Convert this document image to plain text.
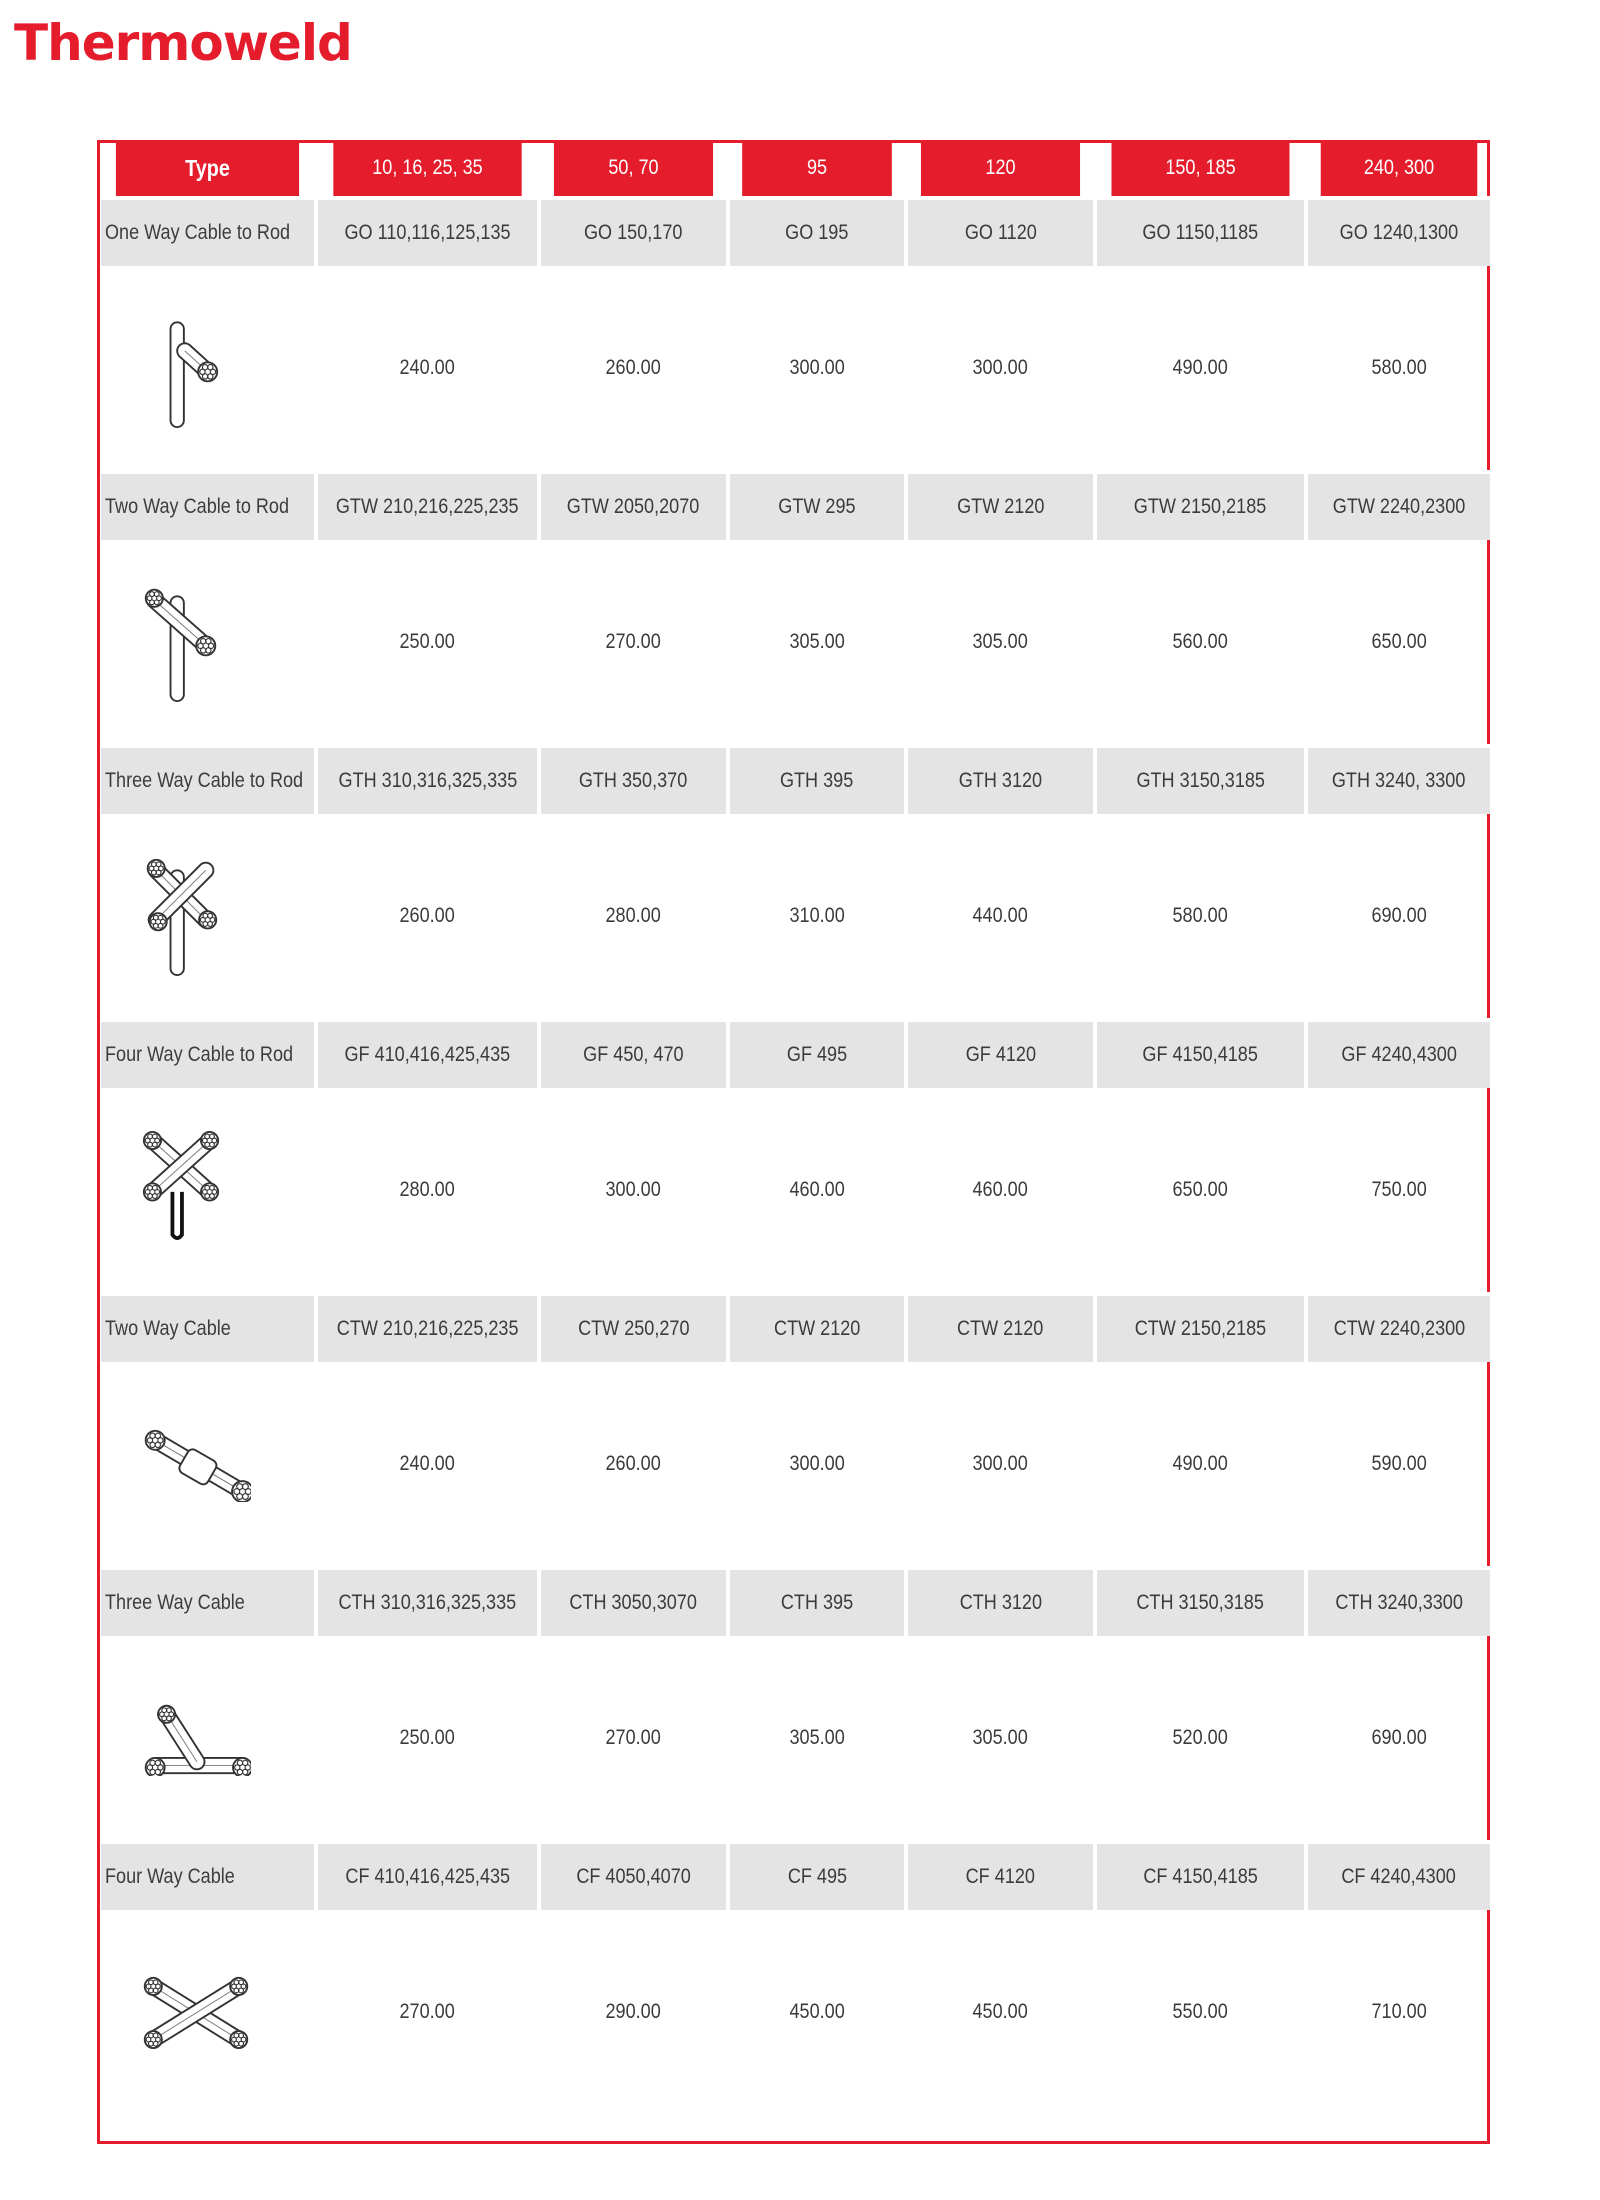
Thermoweld
Type	10, 16, 25, 35	50, 70	95	120	150, 185	240, 300
One Way Cable to Rod	GO 110,116,125,135	GO 150,170	GO 195	GO 1120	GO 1150,1185	GO 1240,1300

	240.00	260.00	300.00	300.00	490.00	580.00
Two Way Cable to Rod	GTW 210,216,225,235	GTW 2050,2070	GTW 295	GTW 2120	GTW 2150,2185	GTW 2240,2300

	250.00	270.00	305.00	305.00	560.00	650.00
Three Way Cable to Rod	GTH 310,316,325,335	GTH 350,370	GTH 395	GTH 3120	GTH 3150,3185	GTH 3240, 3300

	260.00	280.00	310.00	440.00	580.00	690.00
Four Way Cable to Rod	GF 410,416,425,435	GF 450, 470	GF 495	GF 4120	GF 4150,4185	GF 4240,4300

	280.00	300.00	460.00	460.00	650.00	750.00
Two Way Cable	CTW 210,216,225,235	CTW 250,270	CTW 2120	CTW 2120	CTW 2150,2185	CTW 2240,2300

	240.00	260.00	300.00	300.00	490.00	590.00
Three Way Cable	CTH 310,316,325,335	CTH 3050,3070	CTH 395	CTH 3120	CTH 3150,3185	CTH 3240,3300

	250.00	270.00	305.00	305.00	520.00	690.00
Four Way Cable	CF 410,416,425,435	CF 4050,4070	CF 495	CF 4120	CF 4150,4185	CF 4240,4300

	270.00	290.00	450.00	450.00	550.00	710.00
